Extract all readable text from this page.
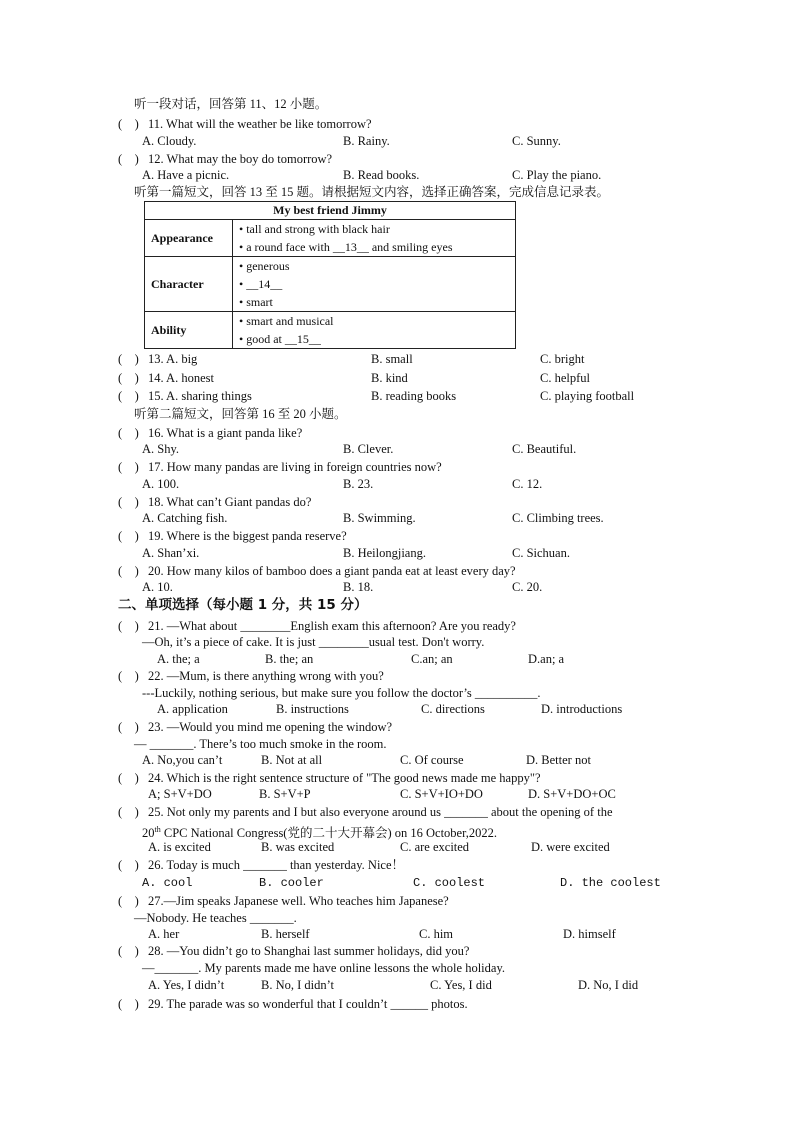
听一段对话，回答第 11、12 小题。
(    ) 11. What will the weather be like tomorrow?
A. Cloudy.	B. Rainy.	C. Sunny.
(    ) 12. What may the boy do tomorrow?
A. Have a picnic.	B. Read books.	C. Play the piano.
听第一篇短文，回答 13 至 15 题。请根据短文内容，选择正确答案，完成信息记录表。
My best friend Jimmy	
Appearance	• tall and strong with black hair
• a round face with __13__ and smiling eyes

Character	• generous
• __14__
• smart

Ability	• smart and musical
• good at __15__
(    ) 13. A. big	B. small	C. bright
(    ) 14. A. honest	B. kind	C. helpful
(    ) 15. A. sharing things	B. reading books	C. playing football
听第二篇短文，回答第 16 至 20 小题。
(    ) 16. What is a giant panda like?
A. Shy.	B. Clever.	C. Beautiful.
(    ) 17. How many pandas are living in foreign countries now?
A. 100.	B. 23.	C. 12.
(    ) 18. What can’t Giant pandas do?
A. Catching fish.	B. Swimming.	C. Climbing trees.
(    ) 19. Where is the biggest panda reserve?
A. Shan’xi.	B. Heilongjiang.	C. Sichuan.
(    ) 20. How many kilos of bamboo does a giant panda eat at least every day?
A. 10.	B. 18.	C. 20.
二、单项选择（每小题 1 分，共 15 分）
(    ) 21. —What about ________English exam this afternoon? Are you ready?
—Oh, it’s a piece of cake. It is just ________usual test. Don't worry.
A. the; a	B. the; an	C.an; an	D.an; a
(    ) 22. —Mum, is there anything wrong with you?
---Luckily, nothing serious, but make sure you follow the doctor’s __________.
A. application	B. instructions	C. directions	D. introductions
(    ) 23. —Would you mind me opening the window?
— _______. There’s too much smoke in the room.
A. No,you can’t	B. Not at all	C. Of course	D. Better not
(    ) 24. Which is the right sentence structure of "The good news made me happy"?
A; S+V+DO	B. S+V+P	C. S+V+IO+DO	D. S+V+DO+OC
(    ) 25. Not only my parents and I but also everyone around us _______ about the opening of the
20th CPC National Congress(党的二十大开幕会) on 16 October,2022.
A. is excited	B. was excited	C. are excited	D. were excited
(    ) 26. Today is much _______ than yesterday. Nice！
A. cool	B. cooler	C. coolest	D. the coolest
(    ) 27.—Jim speaks Japanese well. Who teaches him Japanese?
—Nobody. He teaches _______.
A. her	B. herself	C. him	D. himself
(    ) 28. —You didn’t go to Shanghai last summer holidays, did you?
—_______. My parents made me have online lessons the whole holiday.
A. Yes, I didn’t	B. No, I didn’t	C. Yes, I did	D. No, I did
(    ) 29. The parade was so wonderful that I couldn’t ______ photos.
